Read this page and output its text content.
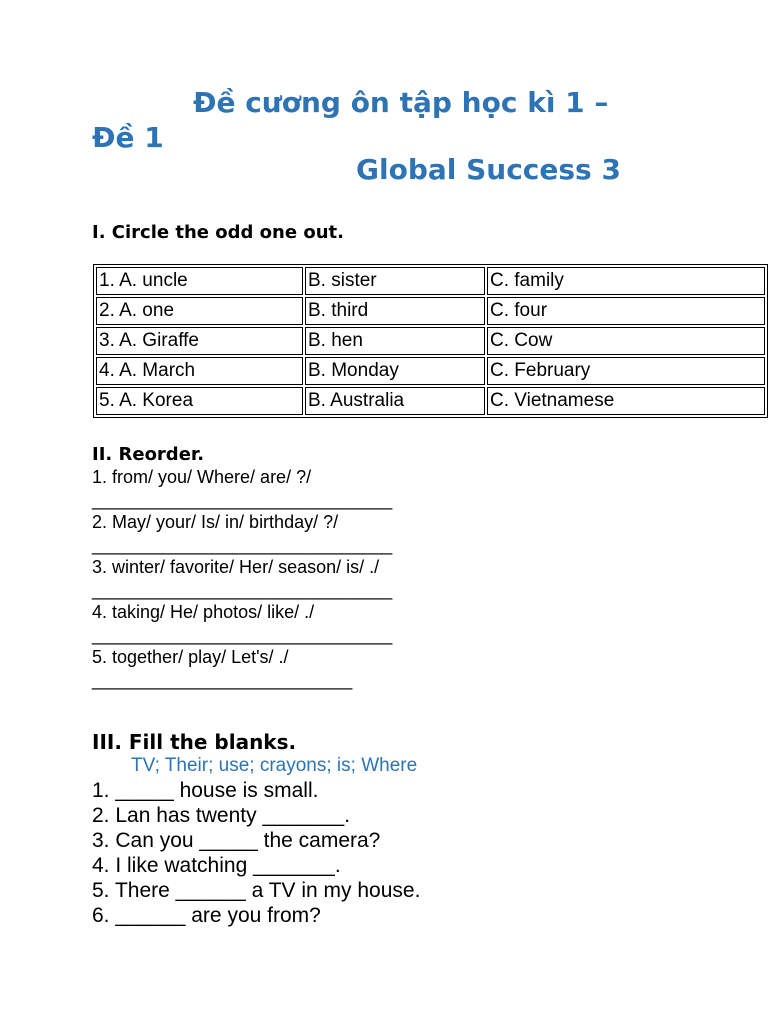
Đề cương ôn tập học kì 1 –
Đề 1
Global Success 3
I. Circle the odd one out.
1. A. uncle	B. sister	C. family
2. A. one	B. third	C. four
3. A. Giraffe	B. hen	C. Cow
4. A. March	B. Monday	C. February
5. A. Korea	B. Australia	C. Vietnamese
II. Reorder.
1. from/ you/ Where/ are/ ?/
______________________________
2. May/ your/ Is/ in/ birthday/ ?/
______________________________
3. winter/ favorite/ Her/ season/ is/ ./
______________________________
4. taking/ He/ photos/ like/ ./
______________________________
5. together/ play/ Let's/ ./
__________________________
III. Fill the blanks.

TV; Their; use; crayons; is; Where

1. _____ house is small.
2. Lan has twenty _______.
3. Can you _____ the camera?
4. I like watching _______.
5. There ______ a TV in my house.
6. ______ are you from?
